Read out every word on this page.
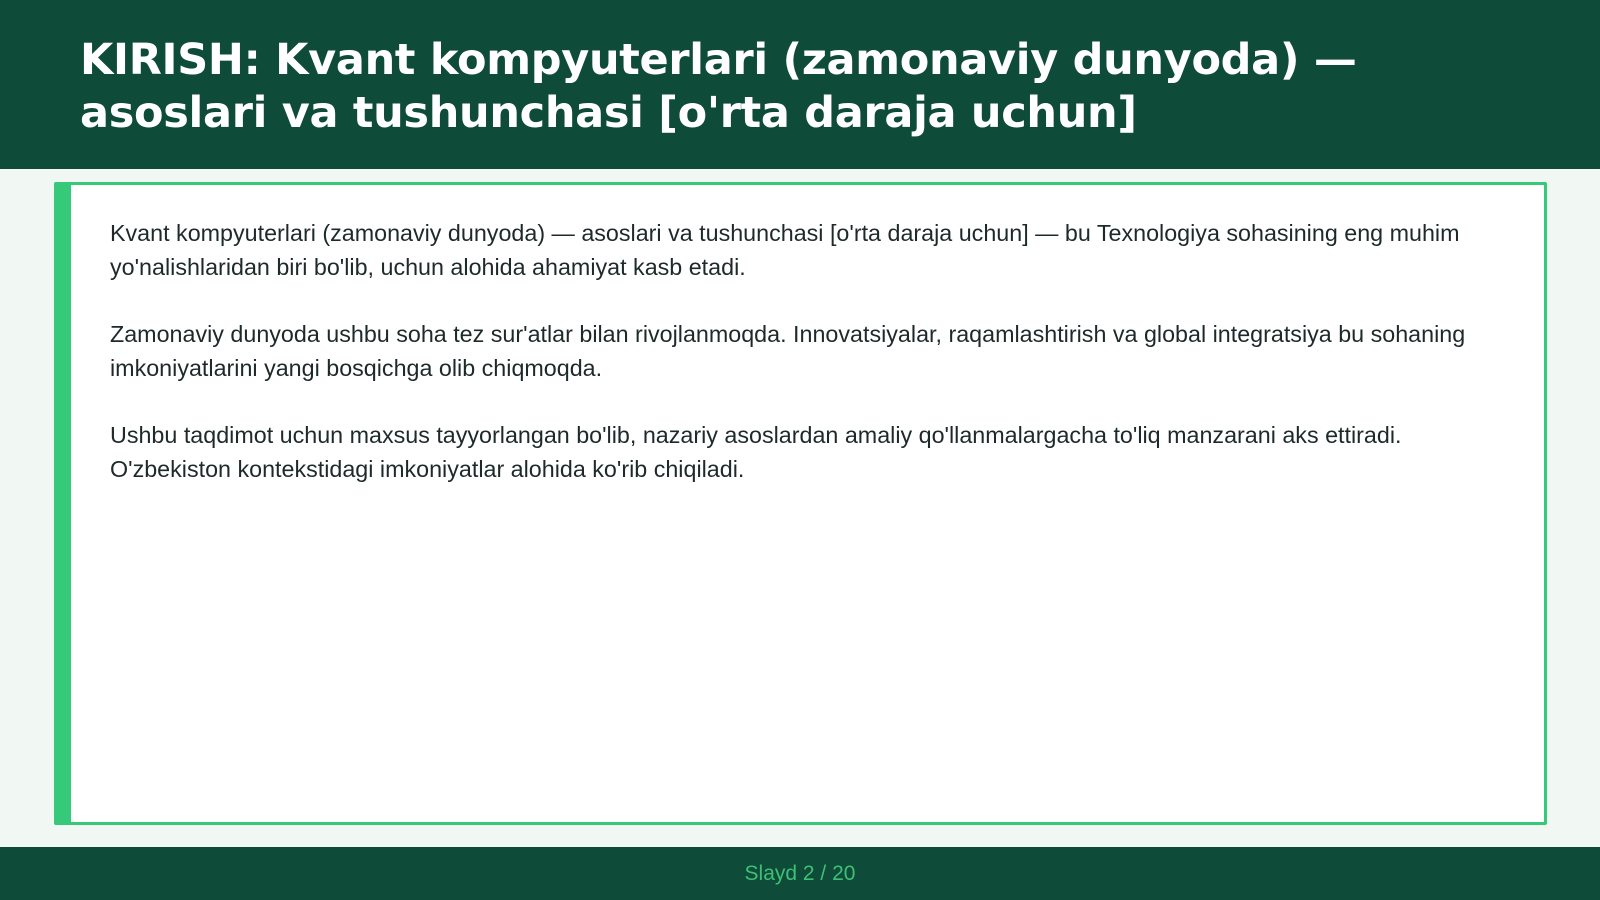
KIRISH: Kvant kompyuterlari (zamonaviy dunyoda) — asoslari va tushunchasi [o'rta daraja uchun]

Kvant kompyuterlari (zamonaviy dunyoda) — asoslari va tushunchasi [o'rta daraja uchun] — bu Texnologiya sohasining eng muhim yo'nalishlaridan biri bo'lib, uchun alohida ahamiyat kasb etadi.

Zamonaviy dunyoda ushbu soha tez sur'atlar bilan rivojlanmoqda. Innovatsiyalar, raqamlashtirish va global integratsiya bu sohaning imkoniyatlarini yangi bosqichga olib chiqmoqda.

Ushbu taqdimot uchun maxsus tayyorlangan bo'lib, nazariy asoslardan amaliy qo'llanmalargacha to'liq manzarani aks ettiradi. O'zbekiston kontekstidagi imkoniyatlar alohida ko'rib chiqiladi.

Slayd 2 / 20
